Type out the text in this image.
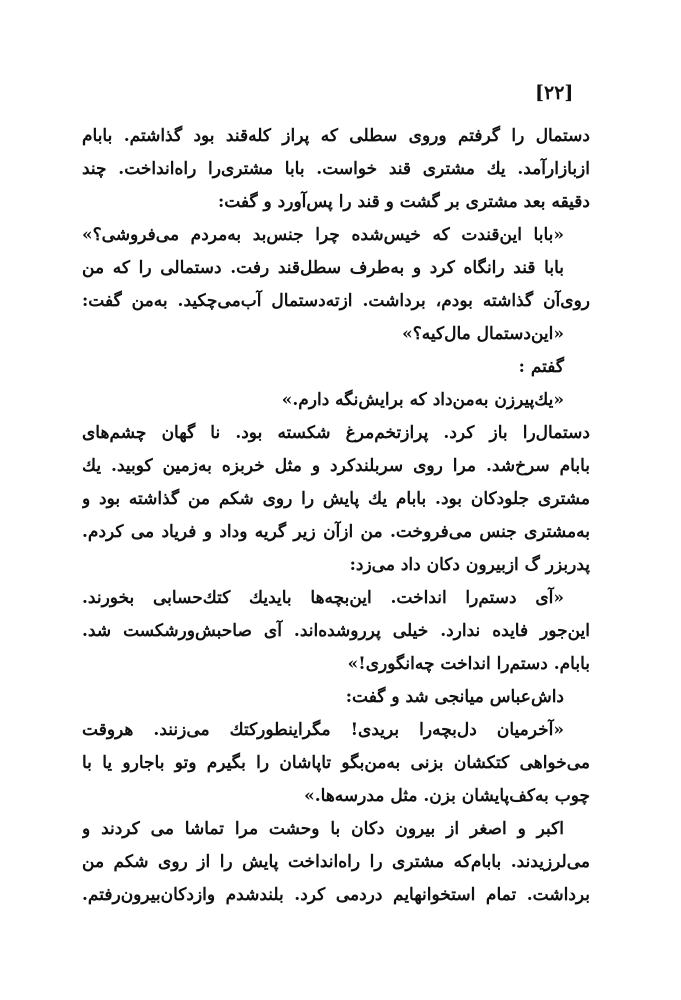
[۲۲]
دستمال را گرفتم وروی سطلی که پراز کله‌قند بود گذاشتم. بابام
ازبازارآمد. یك مشتری قند خواست. بابا مشتری‌را راه‌انداخت. چند
دقیقه بعد مشتری بر گشت و قند را پس‌آورد و گفت:
«بابا این‌قندت که خیس‌شده چرا جنس‌بد به‌مردم می‌فروشی؟»
بابا قند رانگاه کرد و به‌طرف سطل‌قند رفت. دستمالی را که من
روی‌آن گذاشته بودم، برداشت. ازته‌دستمال آب‌می‌چکید. به‌من گفت:
«این‌دستمال مال‌کیه؟»
گفتم :
«یك‌پیرزن به‌من‌داد که برایش‌نگه دارم.»
دستمال‌را باز کرد. پراز‌تخم‌مرغ شکسته بود. نا گهان چشم‌های
بابام سرخ‌شد. مرا روی سربلندکرد و مثل خربزه به‌زمین کوبید. یك
مشتری جلودکان بود. بابام یك پایش را روی شکم من گذاشته بود و
به‌مشتری جنس می‌فروخت. من ازآن زیر گریه وداد و فریاد می کردم.
پدربزر گ ازبیرون دکان داد می‌زد:
«آی دستم‌را انداخت. این‌بچه‌ها بایدیك کتك‌حسابی بخورند.
این‌جور فایده ندارد. خیلی پرروشده‌اند. آی صاحبش‌ورشکست شد.
بابام. دستم‌را انداخت چه‌انگوری!»
داش‌عباس میانجی شد و گفت:
«آخرمیان دل‌بچه‌را بریدی! مگراینطورکتك می‌زنند. هروقت
می‌خواهی کتکشان بزنی به‌من‌بگو تاپاشان را بگیرم وتو باجارو یا با
چوب به‌کف‌پایشان بزن. مثل مدرسه‌ها.»
اکبر و اصغر از بیرون دکان با وحشت مرا تماشا می کردند و
می‌لرزیدند. بابام‌که مشتری را راه‌انداخت پایش را از روی شکم من
برداشت. تمام استخوانهایم دردمی کرد. بلندشدم وازدکان‌بیرون‌رفتم.
